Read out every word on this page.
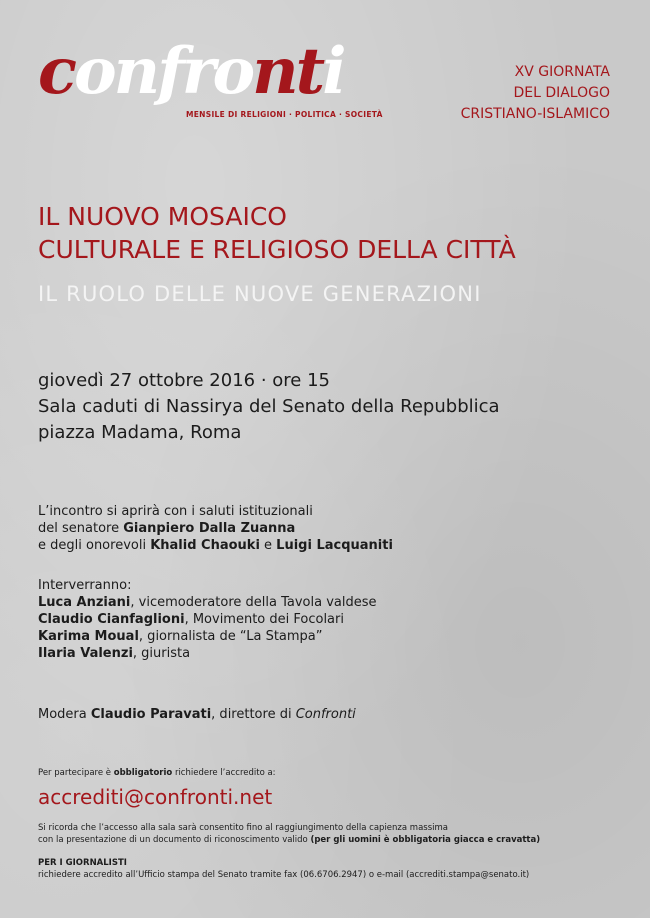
confronti
MENSILE DI RELIGIONI · POLITICA · SOCIETÀ
XV GIORNATA
DEL DIALOGO
CRISTIANO-ISLAMICO
IL NUOVO MOSAICO
CULTURALE E RELIGIOSO DELLA CITTÀ
IL RUOLO DELLE NUOVE GENERAZIONI
giovedì 27 ottobre 2016 · ore 15
Sala caduti di Nassirya del Senato della Repubblica
piazza Madama, Roma
L’incontro si aprirà con i saluti istituzionali
del senatore Gianpiero Dalla Zuanna
e degli onorevoli Khalid Chaouki e Luigi Lacquaniti
Interverranno:
Luca Anziani, vicemoderatore della Tavola valdese
Claudio Cianfaglioni, Movimento dei Focolari
Karima Moual, giornalista de “La Stampa”
Ilaria Valenzi, giurista
Modera Claudio Paravati, direttore di Confronti
Per partecipare è obbligatorio richiedere l’accredito a:
accrediti@confronti.net
Si ricorda che l’accesso alla sala sarà consentito fino al raggiungimento della capienza massima
con la presentazione di un documento di riconoscimento valido (per gli uomini è obbligatoria giacca e cravatta)
PER I GIORNALISTI
richiedere accredito all’Ufficio stampa del Senato tramite fax (06.6706.2947) o e-mail (accrediti.stampa@senato.it)
